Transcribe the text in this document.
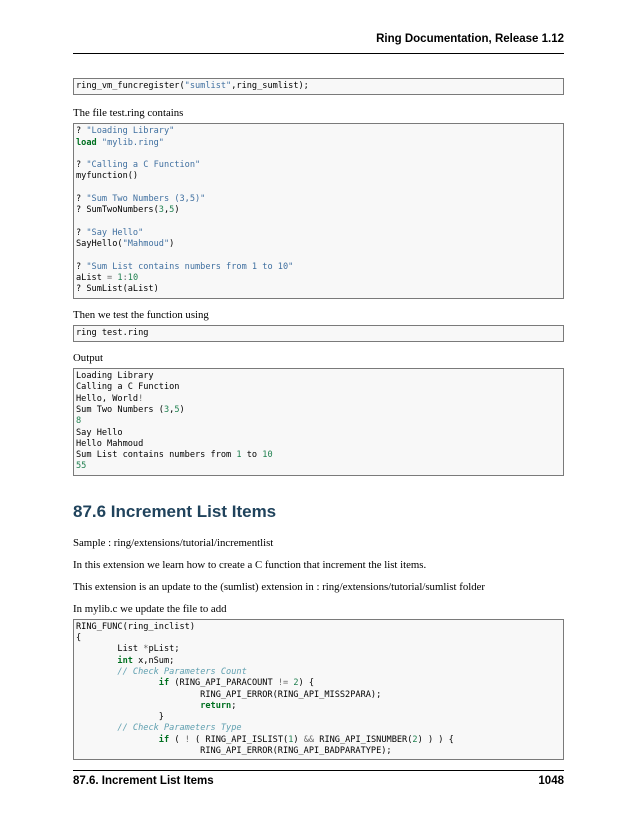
Ring Documentation, Release 1.12
ring_vm_funcregister("sumlist",ring_sumlist);

The file test.ring contains

? "Loading Library"
load "mylib.ring"

? "Calling a C Function"
myfunction()

? "Sum Two Numbers (3,5)"
? SumTwoNumbers(3,5)

? "Say Hello"
SayHello("Mahmoud")

? "Sum List contains numbers from 1 to 10"
aList = 1:10
? SumList(aList)

Then we test the function using

ring test.ring

Output

Loading Library
Calling a C Function
Hello, World!
Sum Two Numbers (3,5)
8
Say Hello
Hello Mahmoud
Sum List contains numbers from 1 to 10
55
87.6 Increment List Items

Sample : ring/extensions/tutorial/incrementlist

In this extension we learn how to create a C function that increment the list items.

This extension is an update to the (sumlist) extension in : ring/extensions/tutorial/sumlist folder

In mylib.c we update the file to add

RING_FUNC(ring_inclist)
{
List *pList;
int x,nSum;
// Check Parameters Count
if (RING_API_PARACOUNT != 2) {
RING_API_ERROR(RING_API_MISS2PARA);
return;
}
// Check Parameters Type
if ( ! ( RING_API_ISLIST(1) && RING_API_ISNUMBER(2) ) ) {
RING_API_ERROR(RING_API_BADPARATYPE);
87.6. Increment List Items	1048
